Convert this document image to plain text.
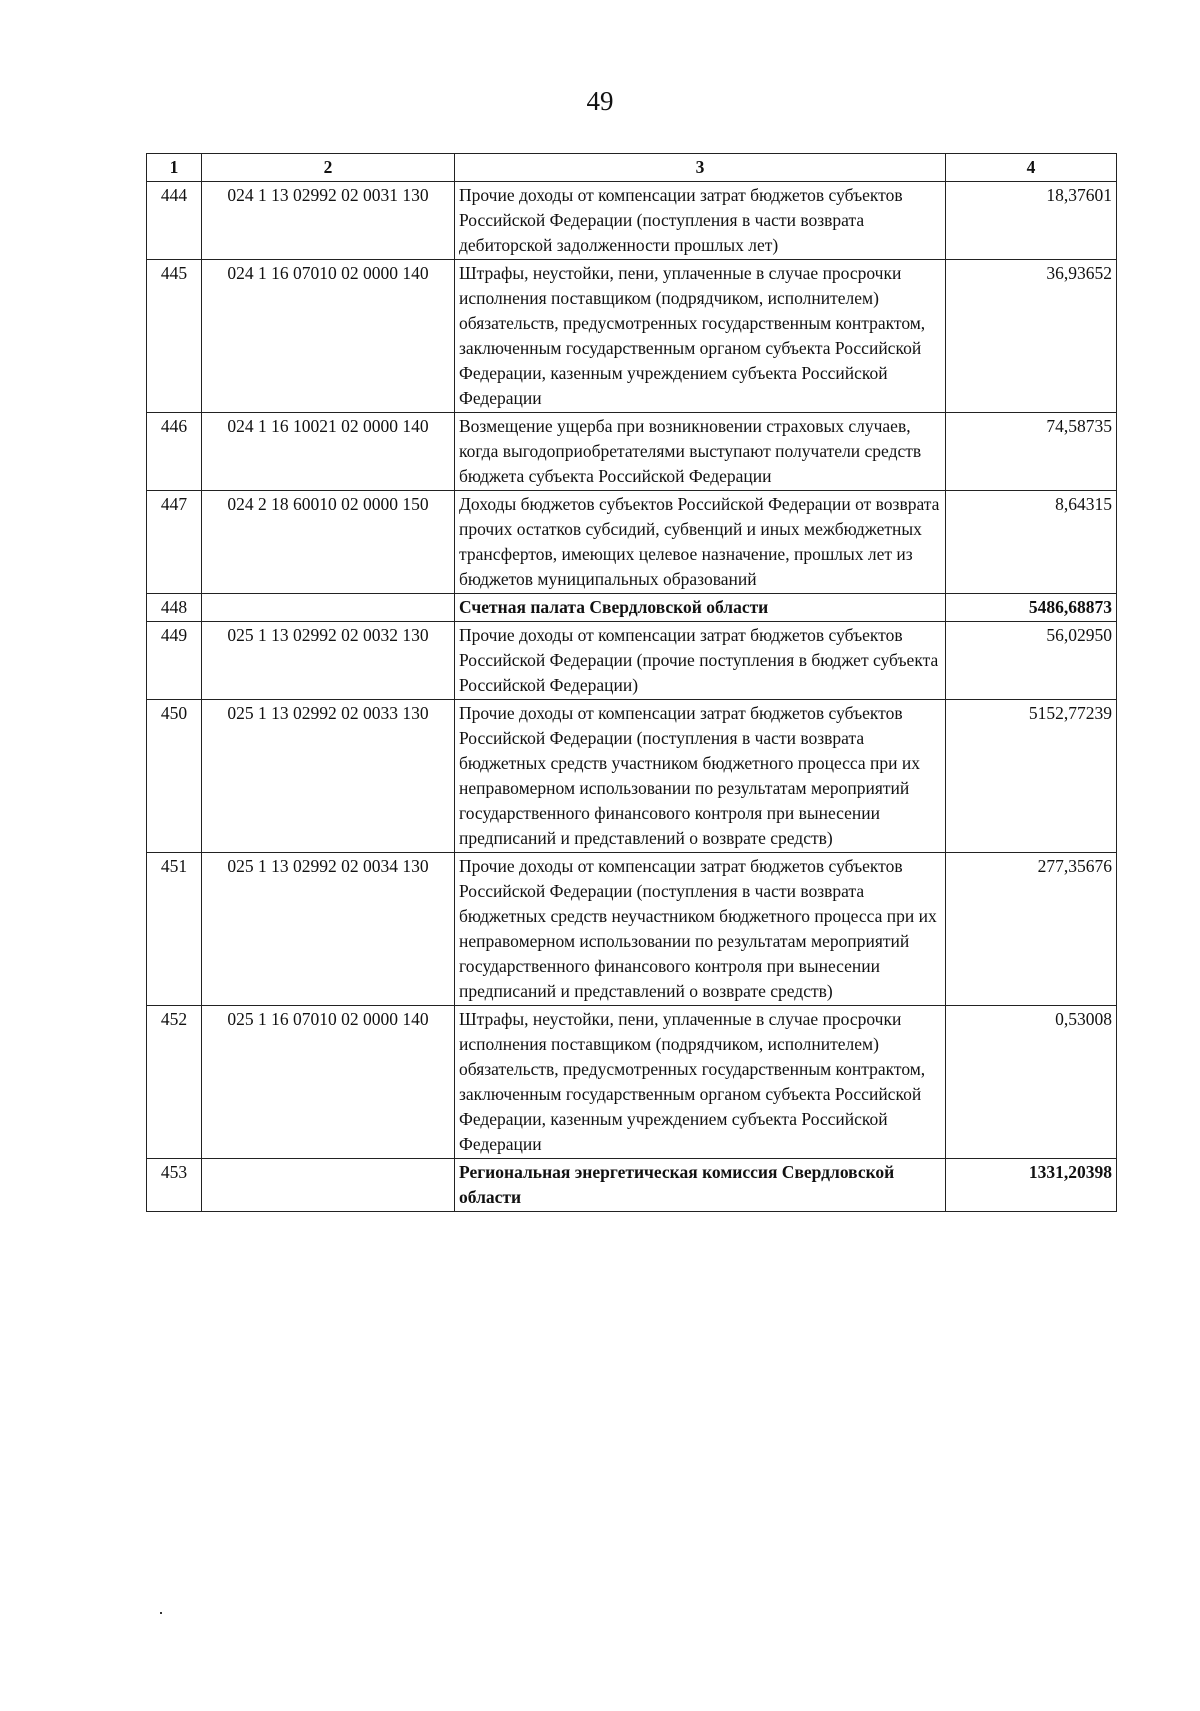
49
1	2	3	4
444	024 1 13 02992 02 0031 130	Прочие доходы от компенсации затрат бюджетов субъектов Российской Федерации (поступления в части возврата дебиторской задолженности прошлых лет)	18,37601
445	024 1 16 07010 02 0000 140	Штрафы, неустойки, пени, уплаченные в случае просрочки исполнения поставщиком (подрядчиком, исполнителем) обязательств, предусмотренных государственным контрактом, заключенным государственным органом субъекта Российской Федерации, казенным учреждением субъекта Российской Федерации	36,93652
446	024 1 16 10021 02 0000 140	Возмещение ущерба при возникновении страховых случаев, когда выгодоприобретателями выступают получатели средств бюджета субъекта Российской Федерации	74,58735
447	024 2 18 60010 02 0000 150	Доходы бюджетов субъектов Российской Федерации от возврата прочих остатков субсидий, субвенций и иных межбюджетных трансфертов, имеющих целевое назначение, прошлых лет из бюджетов муниципальных образований	8,64315
448		Счетная палата Свердловской области	5486,68873
449	025 1 13 02992 02 0032 130	Прочие доходы от компенсации затрат бюджетов субъектов Российской Федерации (прочие поступления в бюджет субъекта Российской Федерации)	56,02950
450	025 1 13 02992 02 0033 130	Прочие доходы от компенсации затрат бюджетов субъектов Российской Федерации (поступления в части возврата бюджетных средств участником бюджетного процесса при их неправомерном использовании по результатам мероприятий государственного финансового контроля при вынесении предписаний и представлений о возврате средств)	5152,77239
451	025 1 13 02992 02 0034 130	Прочие доходы от компенсации затрат бюджетов субъектов Российской Федерации (поступления в части возврата бюджетных средств неучастником бюджетного процесса при их неправомерном использовании по результатам мероприятий государственного финансового контроля при вынесении предписаний и представлений о возврате средств)	277,35676
452	025 1 16 07010 02 0000 140	Штрафы, неустойки, пени, уплаченные в случае просрочки исполнения поставщиком (подрядчиком, исполнителем) обязательств, предусмотренных государственным контрактом, заключенным государственным органом субъекта Российской Федерации, казенным учреждением субъекта Российской Федерации	0,53008
453		Региональная энергетическая комиссия Свердловской области	1331,20398
